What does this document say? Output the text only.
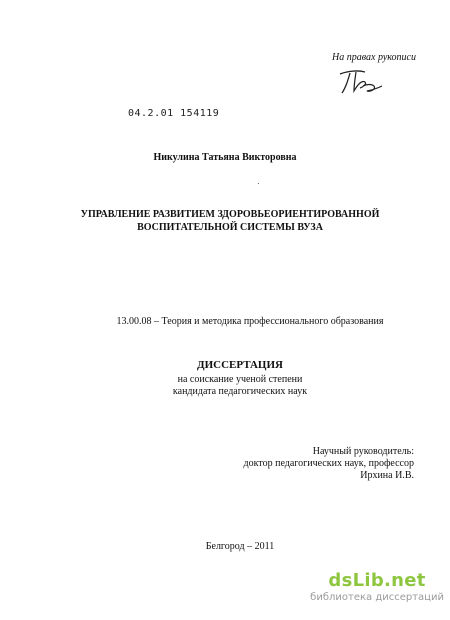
На правах рукописи
04.2.01 154119
Никулина Татьяна Викторовна
УПРАВЛЕНИЕ РАЗВИТИЕМ ЗДОРОВЬЕОРИЕНТИРОВАННОЙ
ВОСПИТАТЕЛЬНОЙ СИСТЕМЫ ВУЗА
13.00.08 – Теория и методика профессионального образования
ДИССЕРТАЦИЯ
на соискание ученой степени
кандидата педагогических наук
Научный руководитель:
доктор педагогических наук, профессор
Ирхина И.В.
Белгород – 2011
dsLib.net
библиотека диссертаций
